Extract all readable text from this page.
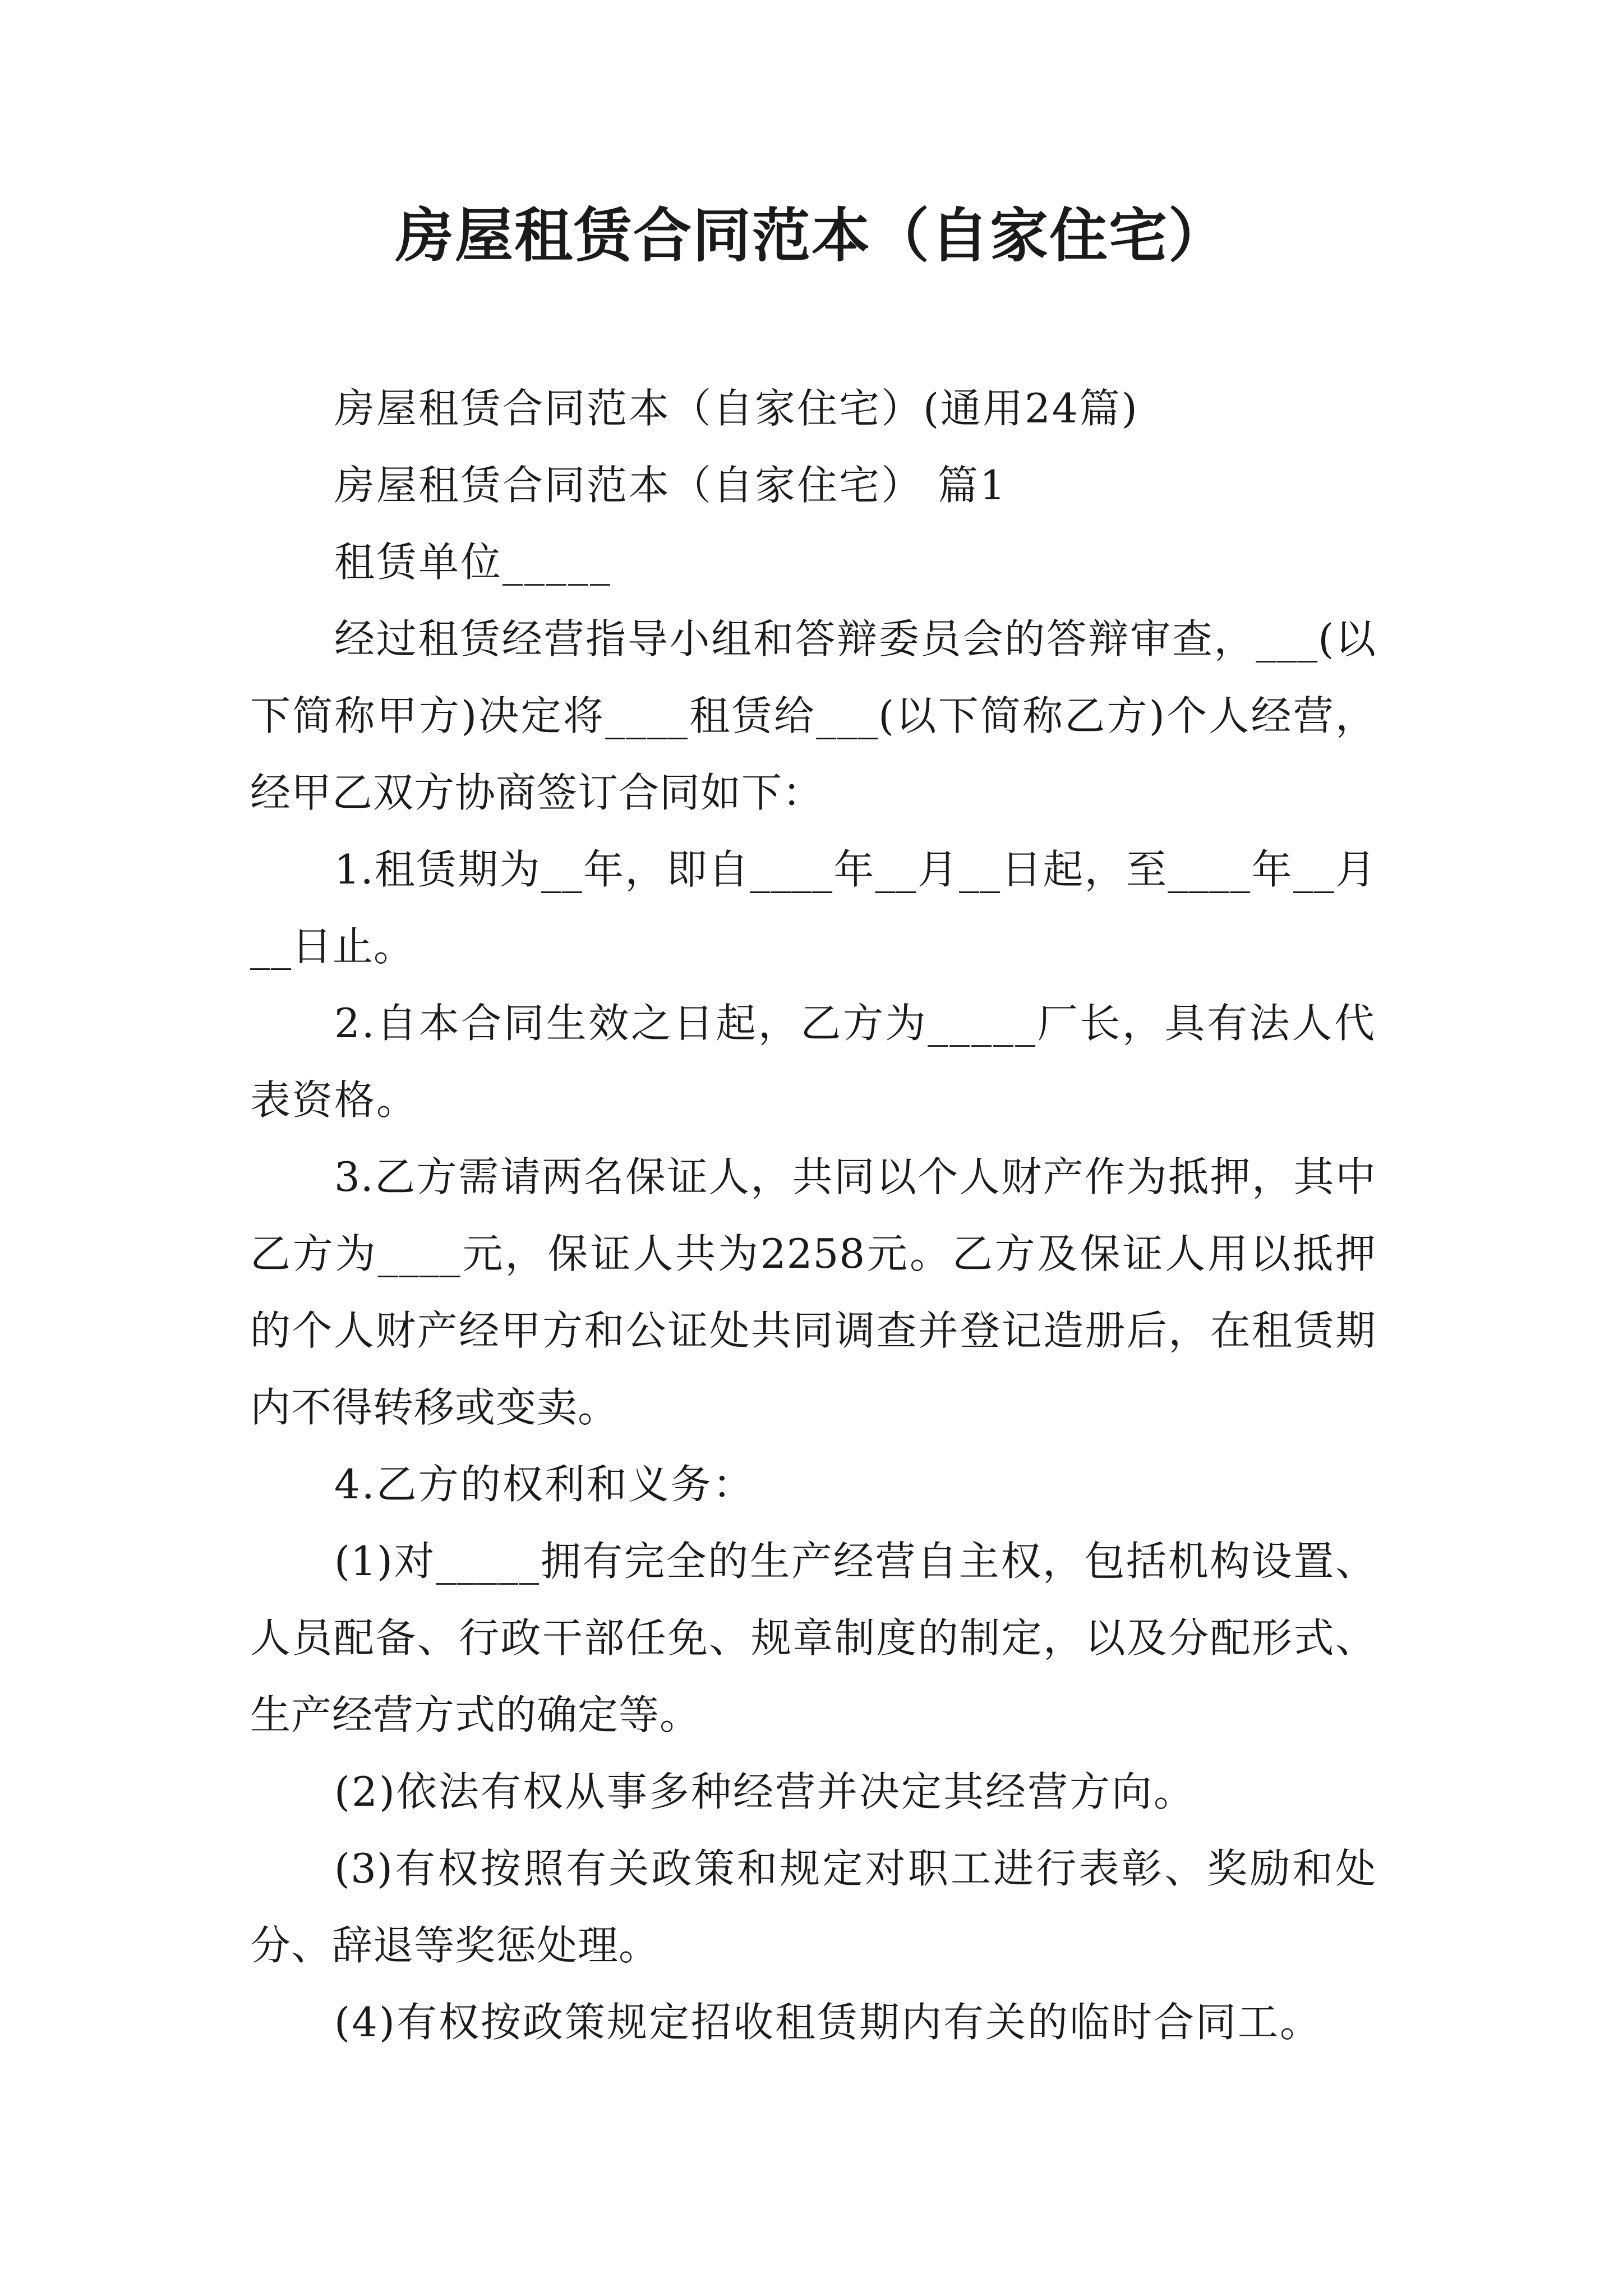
房屋租赁合同范本（自家住宅）

房屋租赁合同范本（自家住宅）(通用24篇)

房屋租赁合同范本（自家住宅） 篇1

租赁单位_____

经过租赁经营指导小组和答辩委员会的答辩审查，___(以下简称甲方)决定将____租赁给___(以下简称乙方)个人经营，经甲乙双方协商签订合同如下：

1.租赁期为__年，即自____年__月__日起，至____年__月__日止。

2.自本合同生效之日起，乙方为_____厂长，具有法人代表资格。

3.乙方需请两名保证人，共同以个人财产作为抵押，其中乙方为____元，保证人共为2258元。乙方及保证人用以抵押的个人财产经甲方和公证处共同调查并登记造册后，在租赁期内不得转移或变卖。

4.乙方的权利和义务：

(1)对_____拥有完全的生产经营自主权，包括机构设置、人员配备、行政干部任免、规章制度的制定，以及分配形式、生产经营方式的确定等。

(2)依法有权从事多种经营并决定其经营方向。

(3)有权按照有关政策和规定对职工进行表彰、奖励和处分、辞退等奖惩处理。

(4)有权按政策规定招收租赁期内有关的临时合同工。
